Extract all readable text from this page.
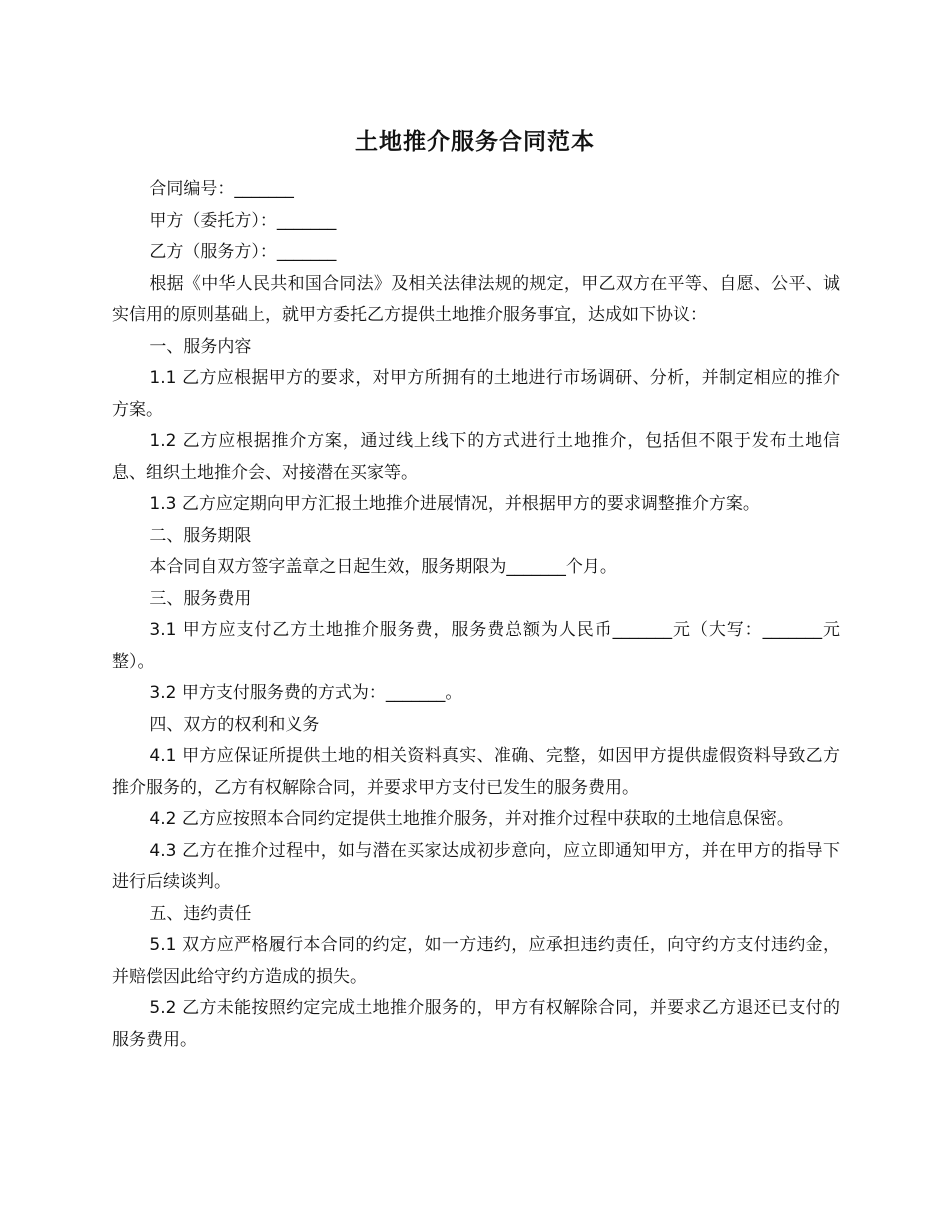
土地推介服务合同范本

合同编号：_______

甲方（委托方）：_______

乙方（服务方）：_______

根据《中华人民共和国合同法》及相关法律法规的规定，甲乙双方在平等、自愿、公平、诚实信用的原则基础上，就甲方委托乙方提供土地推介服务事宜，达成如下协议：

一、服务内容

1.1 乙方应根据甲方的要求，对甲方所拥有的土地进行市场调研、分析，并制定相应的推介方案。

1.2 乙方应根据推介方案，通过线上线下的方式进行土地推介，包括但不限于发布土地信息、组织土地推介会、对接潜在买家等。

1.3 乙方应定期向甲方汇报土地推介进展情况，并根据甲方的要求调整推介方案。

二、服务期限

本合同自双方签字盖章之日起生效，服务期限为_______个月。

三、服务费用

3.1 甲方应支付乙方土地推介服务费，服务费总额为人民币_______元（大写：_______元整）。

3.2 甲方支付服务费的方式为：_______。

四、双方的权利和义务

4.1 甲方应保证所提供土地的相关资料真实、准确、完整，如因甲方提供虚假资料导致乙方推介服务的，乙方有权解除合同，并要求甲方支付已发生的服务费用。

4.2 乙方应按照本合同约定提供土地推介服务，并对推介过程中获取的土地信息保密。

4.3 乙方在推介过程中，如与潜在买家达成初步意向，应立即通知甲方，并在甲方的指导下进行后续谈判。

五、违约责任

5.1 双方应严格履行本合同的约定，如一方违约，应承担违约责任，向守约方支付违约金，并赔偿因此给守约方造成的损失。

5.2 乙方未能按照约定完成土地推介服务的，甲方有权解除合同，并要求乙方退还已支付的服务费用。
